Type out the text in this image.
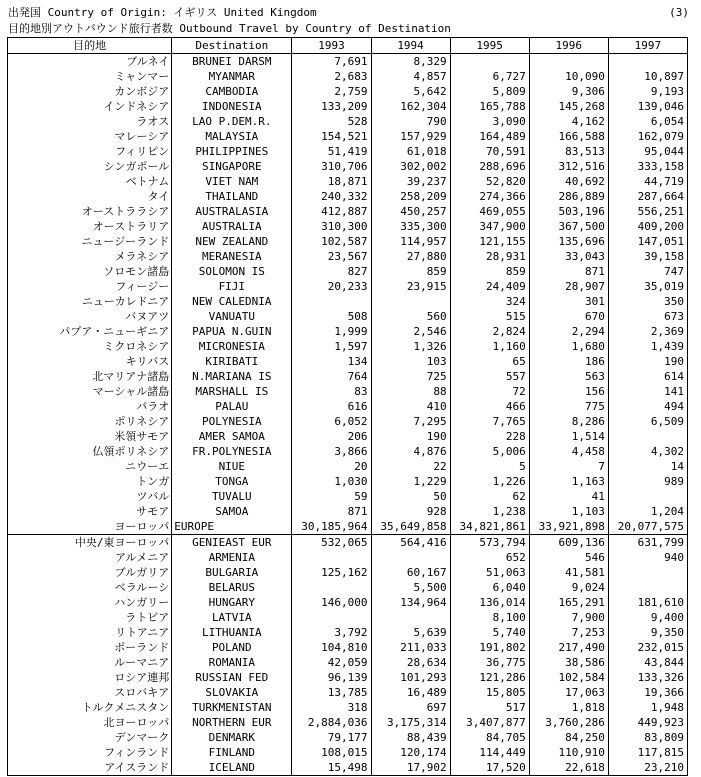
出発国 Country of Origin: イギリス United Kingdom	(3)
目的地別アウトバウンド旅行者数 Outbound Travel by Country of Destination
目的地	Destination	1993	1994	1995	1996	1997
ブルネイ	BRUNEI DARSM	7,691	8,329			
ミャンマー	MYANMAR	2,683	4,857	6,727	10,090	10,897
カンボジア	CAMBODIA	2,759	5,642	5,809	9,306	9,193
インドネシア	INDONESIA	133,209	162,304	165,788	145,268	139,046
ラオス	LAO P.DEM.R.	528	790	3,090	4,162	6,054
マレーシア	MALAYSIA	154,521	157,929	164,489	166,588	162,079
フィリピン	PHILIPPINES	51,419	61,018	70,591	83,513	95,044
シンガポール	SINGAPORE	310,706	302,002	288,696	312,516	333,158
ベトナム	VIET NAM	18,871	39,237	52,820	40,692	44,719
タイ	THAILAND	240,332	258,209	274,366	286,889	287,664
オーストララシア	AUSTRALASIA	412,887	450,257	469,055	503,196	556,251
オーストラリア	AUSTRALIA	310,300	335,300	347,900	367,500	409,200
ニュージーランド	NEW ZEALAND	102,587	114,957	121,155	135,696	147,051
メラネシア	MERANESIA	23,567	27,880	28,931	33,043	39,158
ソロモン諸島	SOLOMON IS	827	859	859	871	747
フィージー	FIJI	20,233	23,915	24,409	28,907	35,019
ニューカレドニア	NEW CALEDNIA			324	301	350
バヌアツ	VANUATU	508	560	515	670	673
パプア・ニューギニア	PAPUA N.GUIN	1,999	2,546	2,824	2,294	2,369
ミクロネシア	MICRONESIA	1,597	1,326	1,160	1,680	1,439
キリバス	KIRIBATI	134	103	65	186	190
北マリアナ諸島	N.MARIANA IS	764	725	557	563	614
マーシャル諸島	MARSHALL IS	83	88	72	156	141
パラオ	PALAU	616	410	466	775	494
ポリネシア	POLYNESIA	6,052	7,295	7,765	8,286	6,509
米領サモア	AMER SAMOA	206	190	228	1,514	
仏領ポリネシア	FR.POLYNESIA	3,866	4,876	5,006	4,458	4,302
ニウーエ	NIUE	20	22	5	7	14
トンガ	TONGA	1,030	1,229	1,226	1,163	989
ツバル	TUVALU	59	50	62	41	
サモア	SAMOA	871	928	1,238	1,103	1,204
ヨーロッパ	EUROPE	30,185,964	35,649,858	34,821,861	33,921,898	20,077,575
中央/東ヨーロッパ	GENIEAST EUR	532,065	564,416	573,794	609,136	631,799
アルメニア	ARMENIA			652	546	940
ブルガリア	BULGARIA	125,162	60,167	51,063	41,581	
ベラルーシ	BELARUS		5,500	6,040	9,024	
ハンガリー	HUNGARY	146,000	134,964	136,014	165,291	181,610
ラトビア	LATVIA			8,100	7,900	9,400
リトアニア	LITHUANIA	3,792	5,639	5,740	7,253	9,350
ポーランド	POLAND	104,810	211,033	191,802	217,490	232,015
ルーマニア	ROMANIA	42,059	28,634	36,775	38,586	43,844
ロシア連邦	RUSSIAN FED	96,139	101,293	121,286	102,584	133,326
スロバキア	SLOVAKIA	13,785	16,489	15,805	17,063	19,366
トルクメニスタン	TURKMENISTAN	318	697	517	1,818	1,948
北ヨーロッパ	NORTHERN EUR	2,884,036	3,175,314	3,407,877	3,760,286	449,923
デンマーク	DENMARK	79,177	88,439	84,705	84,250	83,809
フィンランド	FINLAND	108,015	120,174	114,449	110,910	117,815
アイスランド	ICELAND	15,498	17,902	17,520	22,618	23,210
